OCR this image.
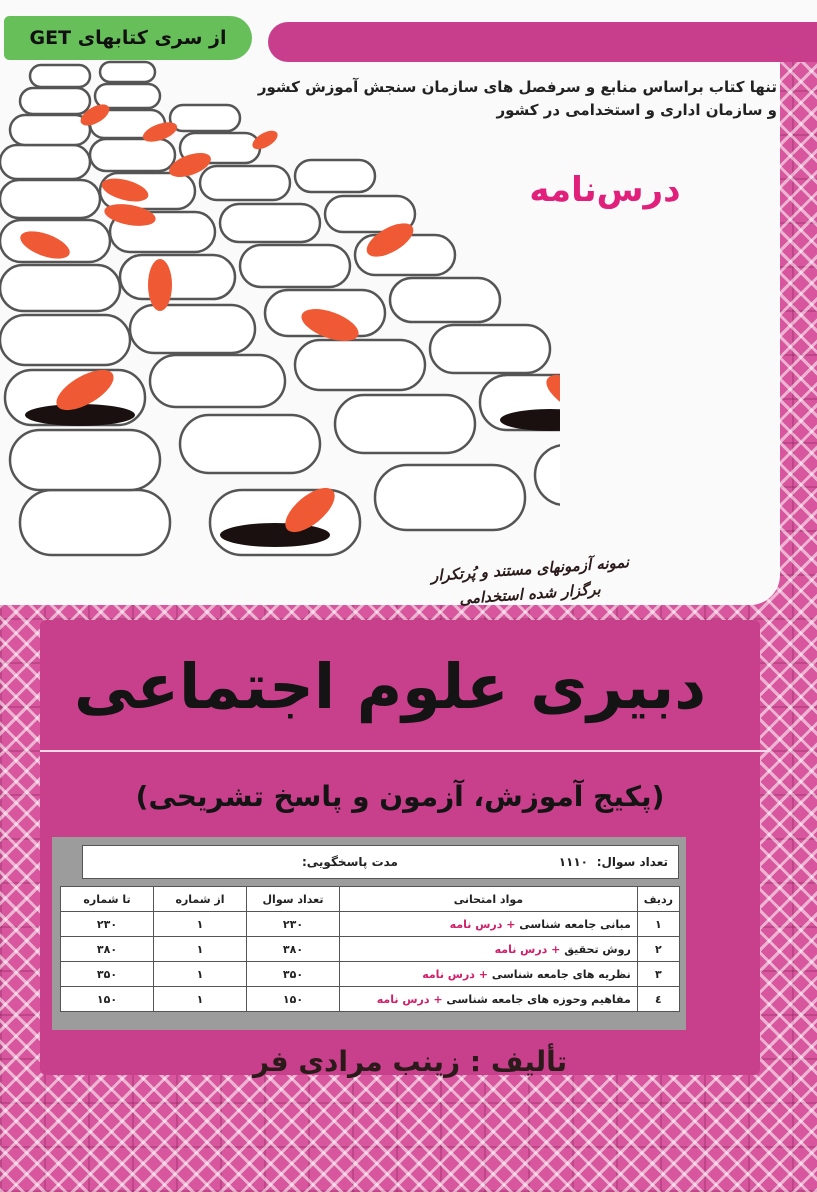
از سری کتابهای GET
تنها کتاب براساس منابع و سرفصل های سازمان سنجش آموزش کشور
و سازمان اداری و استخدامی در کشور
درس‌نامه
نمونه آزمونهای مستند و پُرتکرار
برگزار شده استخدامی
دبیری علوم اجتماعی
(پکیج آموزش، آزمون و پاسخ تشریحی)
تعداد سوال:
۱۱۱۰
مدت پاسخگویی:
ردیف	مواد امتحانی	تعداد سوال	از شماره	تا شماره
۱	مبانی جامعه شناسی + درس نامه	۲۳۰	۱	۲۳۰
۲	روش تحقیق + درس نامه	۳۸۰	۱	۳۸۰
۳	نظریه های جامعه شناسی + درس نامه	۳۵۰	۱	۳۵۰
٤	مفاهیم وحوزه های جامعه شناسی + درس نامه	۱۵۰	۱	۱۵۰
تألیف : زینب مرادی فر
